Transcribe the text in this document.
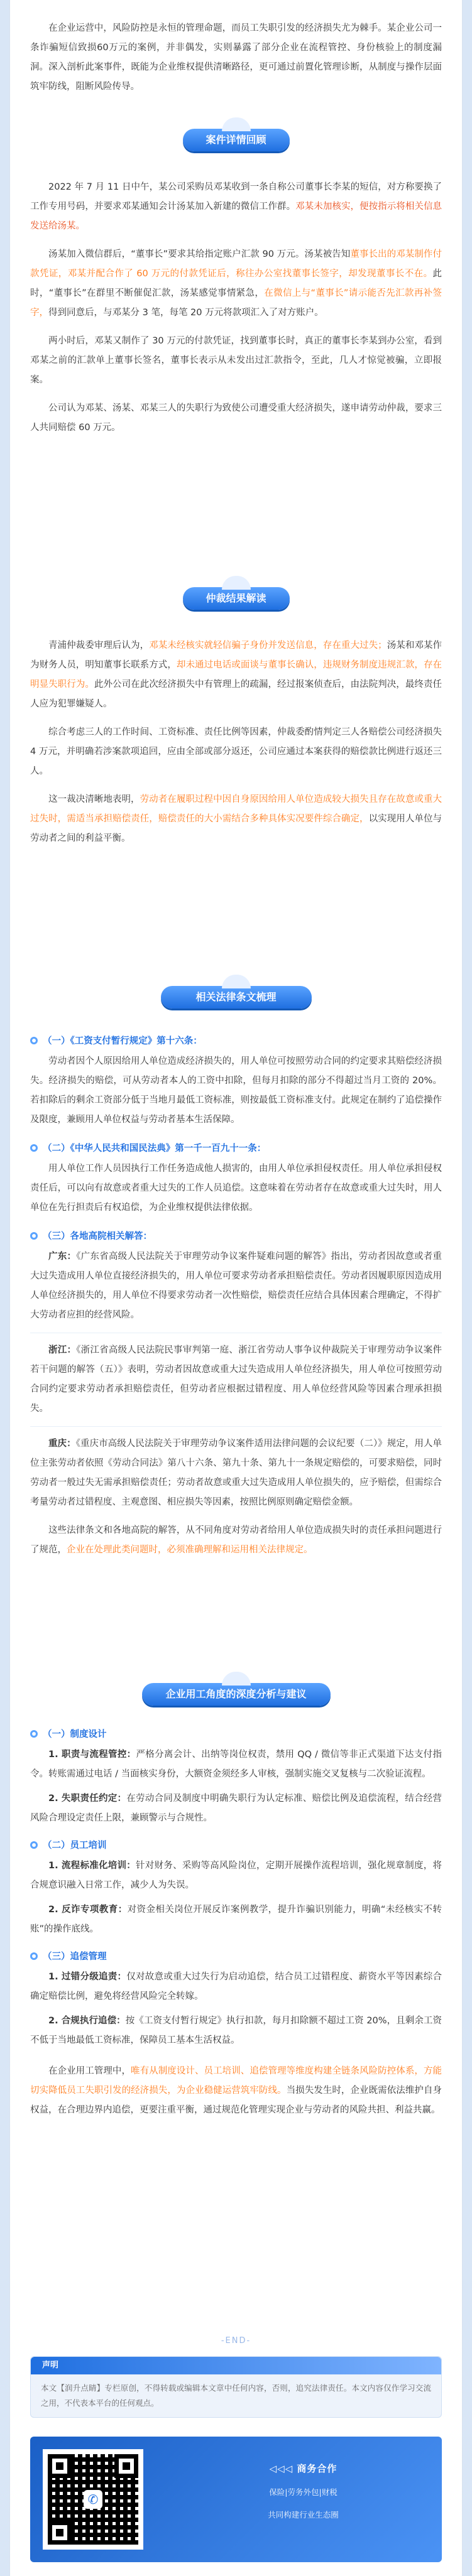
在企业运营中，风险防控是永恒的管理命题，而员工失职引发的经济损失尤为棘手。某企业公司一条诈骗短信致损60万元的案例，并非偶发，实则暴露了部分企业在流程管控、身份核验上的制度漏洞。深入剖析此案事件，既能为企业维权提供清晰路径，更可通过前置化管理诊断，从制度与操作层面筑牢防线，阻断风险传导。

案件详情回顾

2022 年 7 月 11 日中午，某公司采购员邓某收到一条自称公司董事长李某的短信，对方称要换了工作专用号码，并要求邓某通知会计汤某加入新建的微信工作群。邓某未加核实，便按指示将相关信息发送给汤某。

汤某加入微信群后，“董事长”要求其给指定账户汇款 90 万元。汤某被告知董事长出的邓某制作付款凭证，邓某并配合作了 60 万元的付款凭证后，称往办公室找董事长签字，却发现董事长不在。此时，“董事长”在群里不断催促汇款，汤某感觉事情紧急，在微信上与“董事长”请示能否先汇款再补签字，得到同意后，与邓某分 3 笔，每笔 20 万元将款项汇入了对方账户。

两小时后，邓某又制作了 30 万元的付款凭证，找到董事长时，真正的董事长李某到办公室，看到邓某之前的汇款单上董事长签名，董事长表示从未发出过汇款指令，至此，几人才惊觉被骗，立即报案。

公司认为邓某、汤某、邓某三人的失职行为致使公司遭受重大经济损失，遂申请劳动仲裁，要求三人共同赔偿 60 万元。

仲裁结果解读

青浦仲裁委审理后认为，邓某未经核实就轻信骗子身份并发送信息，存在重大过失；汤某和邓某作为财务人员，明知董事长联系方式，却未通过电话或面谈与董事长确认，违规财务制度违规汇款，存在明显失职行为。此外公司在此次经济损失中有管理上的疏漏，经过报案侦查后，由法院判决，最终责任人应为犯罪嫌疑人。

综合考虑三人的工作时间、工资标准、责任比例等因素，仲裁委酌情判定三人各赔偿公司经济损失 4 万元，并明确若涉案款项追回，应由全部或部分返还，公司应通过本案获得的赔偿款比例进行返还三人。

这一裁决清晰地表明，劳动者在履职过程中因自身原因给用人单位造成较大损失且存在故意或重大过失时，需适当承担赔偿责任，赔偿责任的大小需结合多种具体实况要件综合确定，以实现用人单位与劳动者之间的利益平衡。

相关法律条文梳理
（一）《工资支付暂行规定》第十六条：

劳动者因个人原因给用人单位造成经济损失的，用人单位可按照劳动合同的约定要求其赔偿经济损失。经济损失的赔偿，可从劳动者本人的工资中扣除，但每月扣除的部分不得超过当月工资的 20%。若扣除后的剩余工资部分低于当地月最低工资标准，则按最低工资标准支付。此规定在制约了追偿操作及限度，兼顾用人单位权益与劳动者基本生活保障。

（二）《中华人民共和国民法典》第一千一百九十一条：

用人单位工作人员因执行工作任务造成他人损害的，由用人单位承担侵权责任。用人单位承担侵权责任后，可以向有故意或者重大过失的工作人员追偿。这意味着在劳动者存在故意或重大过失时，用人单位在先行担责后有权追偿，为企业维权提供法律依据。

（三）各地高院相关解答：

广东：《广东省高级人民法院关于审理劳动争议案件疑难问题的解答》指出，劳动者因故意或者重大过失造成用人单位直接经济损失的，用人单位可要求劳动者承担赔偿责任。劳动者因履职原因造成用人单位经济损失的，用人单位不得要求劳动者一次性赔偿，赔偿责任应结合具体因素合理确定，不得扩大劳动者应担的经营风险。

浙江：《浙江省高级人民法院民事审判第一庭、浙江省劳动人事争议仲裁院关于审理劳动争议案件若干问题的解答（五）》表明，劳动者因故意或重大过失造成用人单位经济损失，用人单位可按照劳动合同约定要求劳动者承担赔偿责任，但劳动者应根据过错程度、用人单位经营风险等因素合理承担损失。

重庆：《重庆市高级人民法院关于审理劳动争议案件适用法律问题的会议纪要（二）》规定，用人单位主张劳动者依照《劳动合同法》第八十六条、第九十条、第九十一条规定赔偿的，可要求赔偿，同时劳动者一般过失无需承担赔偿责任；劳动者故意或重大过失造成用人单位损失的，应予赔偿，但需综合考量劳动者过错程度、主观意图、相应损失等因素，按照比例原则确定赔偿金额。

这些法律条文和各地高院的解答，从不同角度对劳动者给用人单位造成损失时的责任承担问题进行了规范，企业在处理此类问题时，必须准确理解和运用相关法律规定。

企业用工角度的深度分析与建议
（一）制度设计

1. 职责与流程管控：严格分离会计、出纳等岗位权责，禁用 QQ / 微信等非正式渠道下达支付指令。转账需通过电话 / 当面核实身份，大额资金须经多人审核，强制实施交叉复核与二次验证流程。

2. 失职责任约定：在劳动合同及制度中明确失职行为认定标准、赔偿比例及追偿流程，结合经营风险合理设定责任上限，兼顾警示与合规性。

（二）员工培训

1. 流程标准化培训：针对财务、采购等高风险岗位，定期开展操作流程培训，强化规章制度，将合规意识融入日常工作，减少人为失误。

2. 反诈专项教育：对资金相关岗位开展反诈案例教学，提升诈骗识别能力，明确“未经核实不转账”的操作底线。

（三）追偿管理

1. 过错分级追责：仅对故意或重大过失行为启动追偿，结合员工过错程度、薪资水平等因素综合确定赔偿比例，避免将经营风险完全转嫁。

2. 合规执行追偿：按《工资支付暂行规定》执行扣款，每月扣除额不超过工资 20%，且剩余工资不低于当地最低工资标准，保障员工基本生活权益。

在企业用工管理中，唯有从制度设计、员工培训、追偿管理等维度构建全链条风险防控体系，方能切实降低员工失职引发的经济损失，为企业稳健运营筑牢防线。当损失发生时，企业既需依法维护自身权益，在合理边界内追偿，更要注重平衡，通过规范化管理实现企业与劳动者的风险共担、利益共赢。

-END-
声明
本文【润升点睛】专栏原创，不得转载或编辑本文章中任何内容，否则，追究法律责任。本文内容仅作学习交流之用，不代表本平台的任何观点。
✆
◁◁◁ 商务合作
保险|劳务外包|财税
共同构建行业生态圈
